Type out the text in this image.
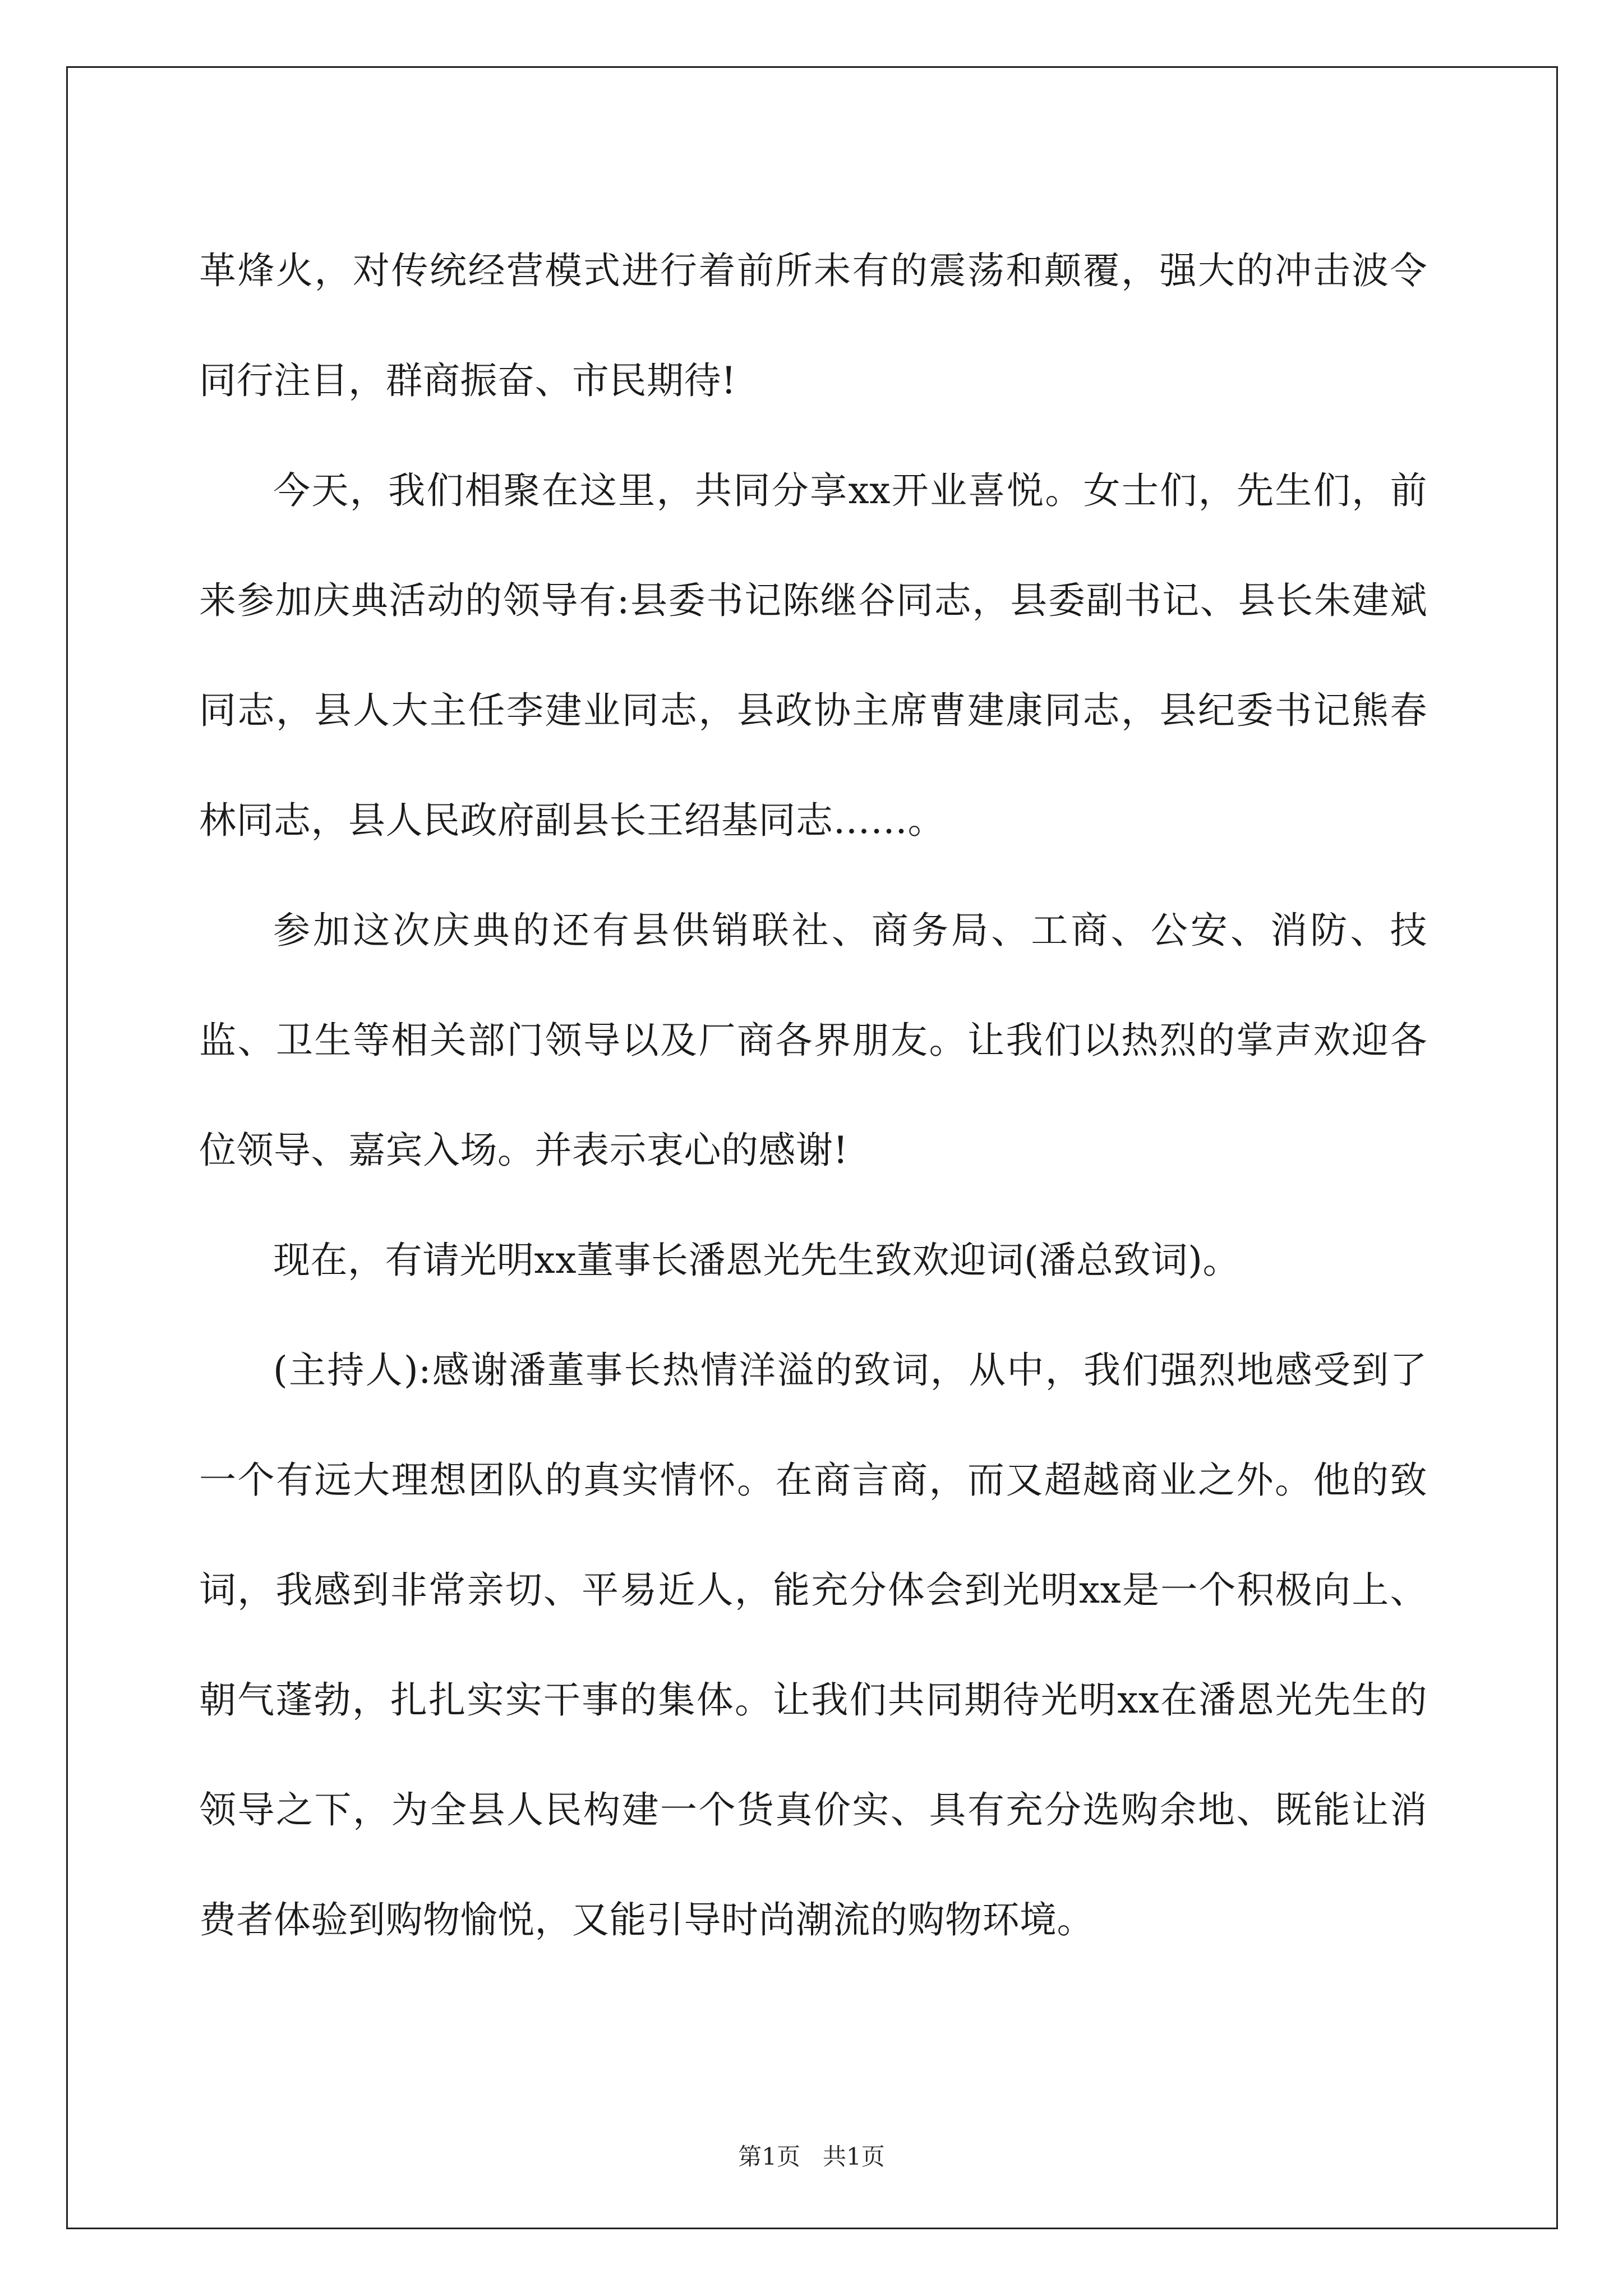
革烽火，对传统经营模式进行着前所未有的震荡和颠覆，强大的冲击波令同行注目，群商振奋、市民期待!

今天，我们相聚在这里，共同分享xx开业喜悦。女士们，先生们，前来参加庆典活动的领导有:县委书记陈继谷同志，县委副书记、县长朱建斌同志，县人大主任李建业同志，县政协主席曹建康同志，县纪委书记熊春林同志，县人民政府副县长王绍基同志……。

参加这次庆典的还有县供销联社、商务局、工商、公安、消防、技监、卫生等相关部门领导以及厂商各界朋友。让我们以热烈的掌声欢迎各位领导、嘉宾入场。并表示衷心的感谢!

现在，有请光明xx董事长潘恩光先生致欢迎词(潘总致词)。

(主持人):感谢潘董事长热情洋溢的致词，从中，我们强烈地感受到了一个有远大理想团队的真实情怀。在商言商，而又超越商业之外。他的致词，我感到非常亲切、平易近人，能充分体会到光明xx是一个积极向上、朝气蓬勃，扎扎实实干事的集体。让我们共同期待光明xx在潘恩光先生的领导之下，为全县人民构建一个货真价实、具有充分选购余地、既能让消费者体验到购物愉悦，又能引导时尚潮流的购物环境。

第1页 共1页
